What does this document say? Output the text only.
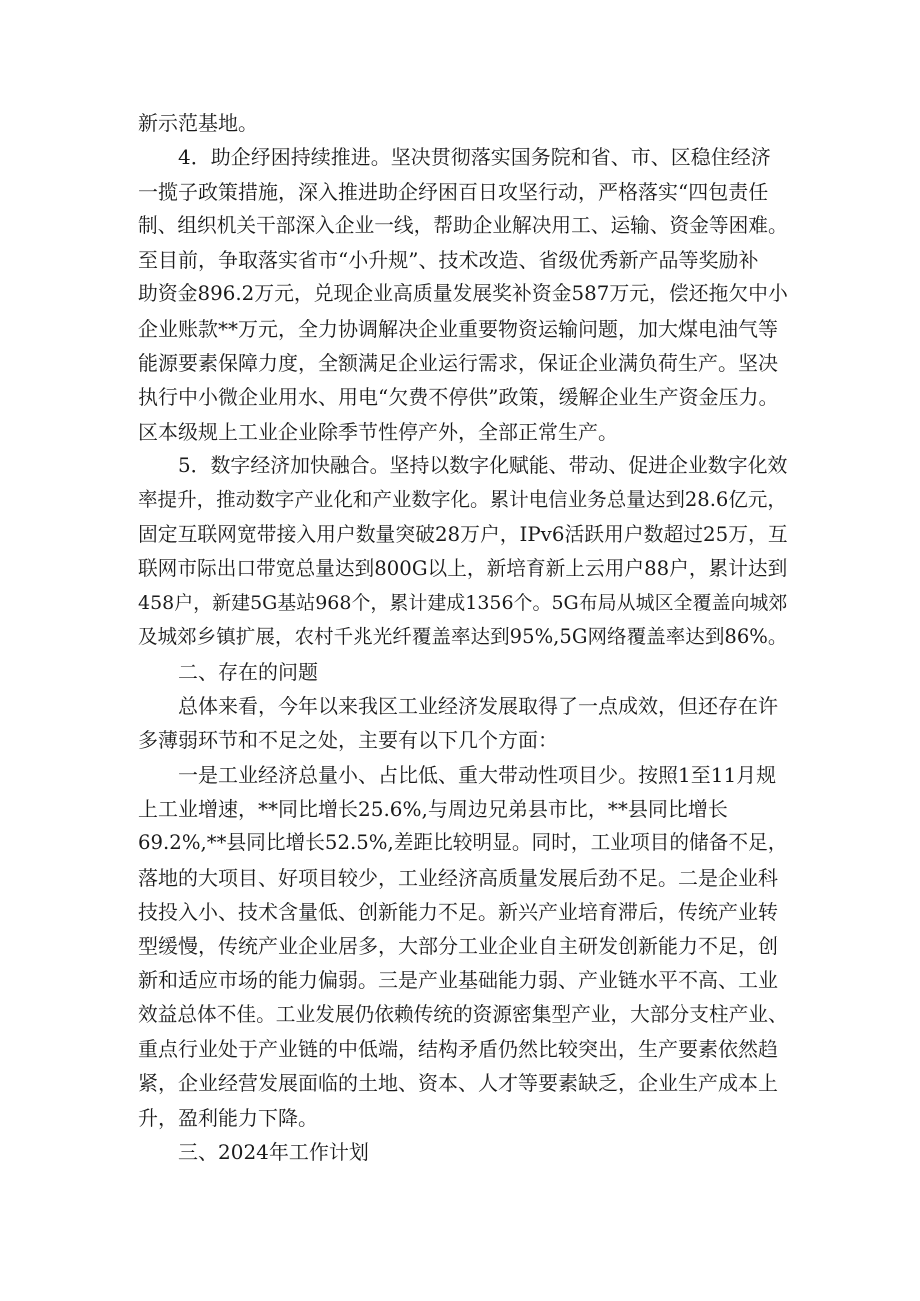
新示范基地。
4．助企纾困持续推进。坚决贯彻落实国务院和省、市、区稳住经济
一揽子政策措施，深入推进助企纾困百日攻坚行动，严格落实“四包责任
制、组织机关干部深入企业一线，帮助企业解决用工、运输、资金等困难。
至目前，争取落实省市“小升规”、技术改造、省级优秀新产品等奖励补
助资金896.2万元，兑现企业高质量发展奖补资金587万元，偿还拖欠中小
企业账款**万元，全力协调解决企业重要物资运输问题，加大煤电油气等
能源要素保障力度，全额满足企业运行需求，保证企业满负荷生产。坚决
执行中小微企业用水、用电“欠费不停供”政策，缓解企业生产资金压力。
区本级规上工业企业除季节性停产外，全部正常生产。
5．数字经济加快融合。坚持以数字化赋能、带动、促进企业数字化效
率提升，推动数字产业化和产业数字化。累计电信业务总量达到28.6亿元，
固定互联网宽带接入用户数量突破28万户，IPv6活跃用户数超过25万，互
联网市际出口带宽总量达到800G以上，新培育新上云用户88户，累计达到
458户，新建5G基站968个，累计建成1356个。5G布局从城区全覆盖向城郊
及城郊乡镇扩展，农村千兆光纤覆盖率达到95%,5G网络覆盖率达到86%。
二、存在的问题
总体来看，今年以来我区工业经济发展取得了一点成效，但还存在许
多薄弱环节和不足之处，主要有以下几个方面：
一是工业经济总量小、占比低、重大带动性项目少。按照1至11月规
上工业增速，**同比增长25.6%,与周边兄弟县市比，**县同比增长
69.2%,**县同比增长52.5%,差距比较明显。同时，工业项目的储备不足，
落地的大项目、好项目较少，工业经济高质量发展后劲不足。二是企业科
技投入小、技术含量低、创新能力不足。新兴产业培育滞后，传统产业转
型缓慢，传统产业企业居多，大部分工业企业自主研发创新能力不足，创
新和适应市场的能力偏弱。三是产业基础能力弱、产业链水平不高、工业
效益总体不佳。工业发展仍依赖传统的资源密集型产业，大部分支柱产业、
重点行业处于产业链的中低端，结构矛盾仍然比较突出，生产要素依然趋
紧，企业经营发展面临的土地、资本、人才等要素缺乏，企业生产成本上
升，盈利能力下降。
三、2024年工作计划
